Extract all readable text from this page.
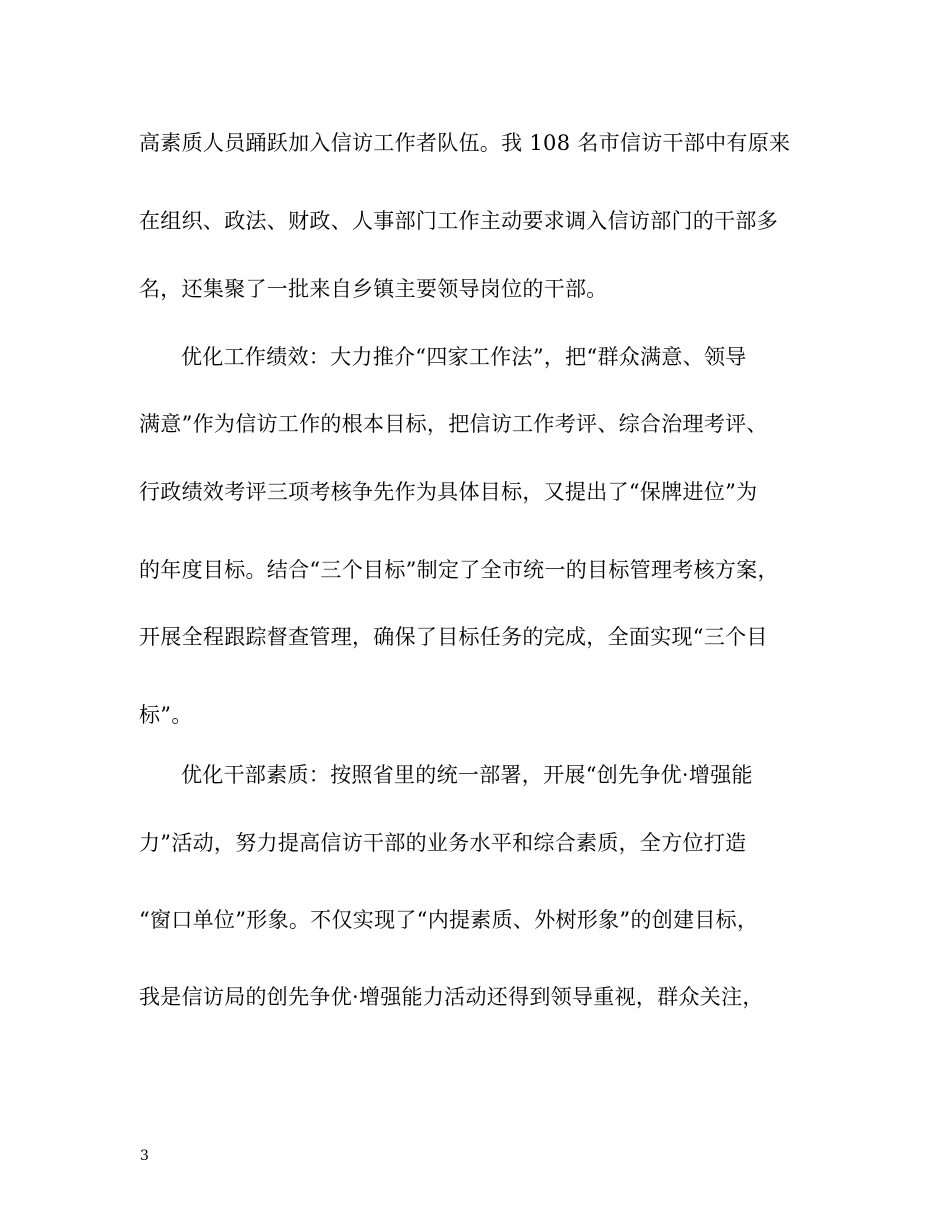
高素质人员踊跃加入信访工作者队伍。我 108 名市信访干部中有原来
在组织、政法、财政、人事部门工作主动要求调入信访部门的干部多
名，还集聚了一批来自乡镇主要领导岗位的干部。
优化工作绩效：大力推介“四家工作法”，把“群众满意、领导
满意”作为信访工作的根本目标，把信访工作考评、综合治理考评、
行政绩效考评三项考核争先作为具体目标，又提出了“保牌进位”为
的年度目标。结合“三个目标”制定了全市统一的目标管理考核方案，
开展全程跟踪督查管理，确保了目标任务的完成，全面实现“三个目
标”。
优化干部素质：按照省里的统一部署，开展“创先争优·增强能
力”活动，努力提高信访干部的业务水平和综合素质，全方位打造
“窗口单位”形象。不仅实现了“内提素质、外树形象”的创建目标，
我是信访局的创先争优·增强能力活动还得到领导重视，群众关注，
3
